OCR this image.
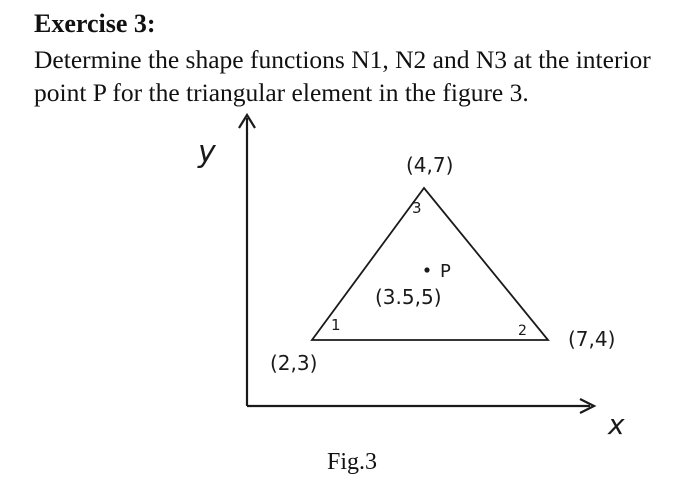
Exercise 3:

Determine the shape functions N1, N2 and N3 at the interior point P for the triangular element in the figure 3.

y
x
1
(2,3)
2 (7,4)
3
(4,7)
P
(3.5,5)
Fig.3
